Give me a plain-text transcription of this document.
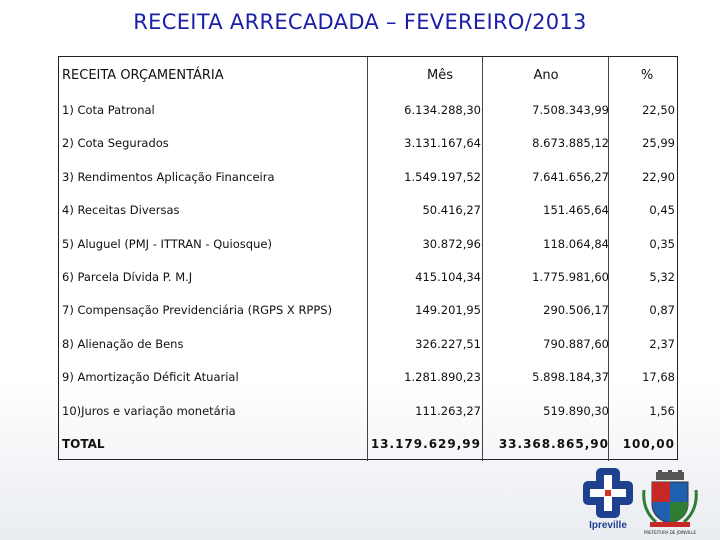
RECEITA ARRECADADA – FEVEREIRO/2013
RECEITA ORÇAMENTÁRIA	Mês	Ano	%
1) Cota Patronal	6.134.288,30	7.508.343,99	22,50
2) Cota Segurados	3.131.167,64	8.673.885,12	25,99
3) Rendimentos Aplicação Financeira	1.549.197,52	7.641.656,27	22,90
4) Receitas Diversas	50.416,27	151.465,64	0,45
5) Aluguel (PMJ - ITTRAN - Quiosque)	30.872,96	118.064,84	0,35
6) Parcela Dívida P. M.J	415.104,34	1.775.981,60	5,32
7) Compensação Previdenciária (RGPS X RPPS)	149.201,95	290.506,17	0,87
8) Alienação de Bens	326.227,51	790.887,60	2,37
9) Amortização Déficit Atuarial	1.281.890,23	5.898.184,37	17,68
10)Juros e variação monetária	111.263,27	519.890,30	1,56
TOTAL	13.179.629,99	33.368.865,90	100,00
Ipreville
PREFEITURA DE JOINVILLE
